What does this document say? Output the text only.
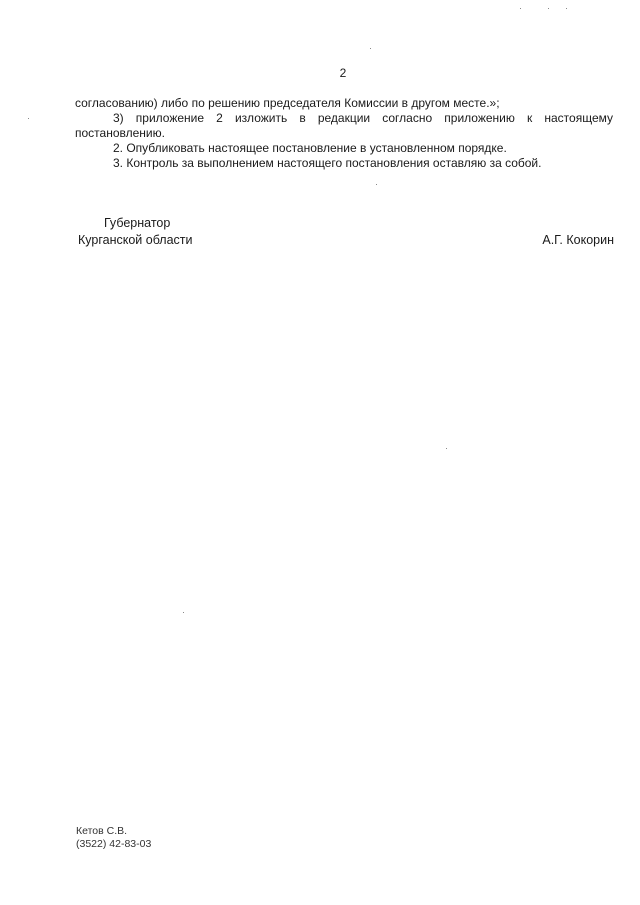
2

согласованию) либо по решению председателя Комиссии в другом месте.»;

3) приложение 2 изложить в редакции согласно приложению к настоящему постановлению.

2. Опубликовать настоящее постановление в установленном порядке.

3. Контроль за выполнением настоящего постановления оставляю за собой.

Губернатор
Курганской области	А.Г. Кокорин
Кетов С.В.
(3522) 42-83-03
